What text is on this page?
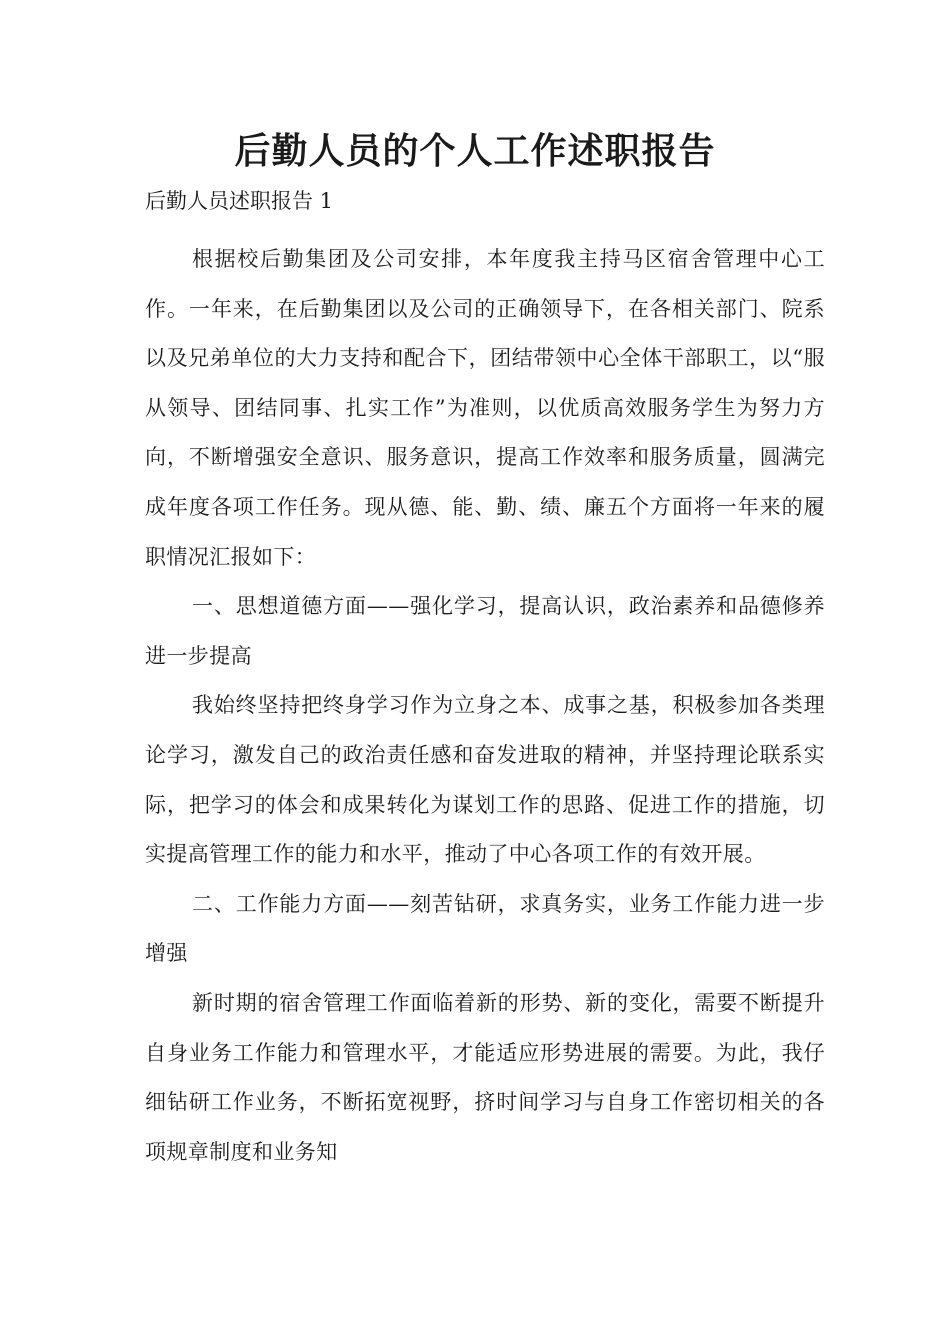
后勤人员的个人工作述职报告

后勤人员述职报告 1

根据校后勤集团及公司安排，本年度我主持马区宿舍管理中心工作。一年来，在后勤集团以及公司的正确领导下，在各相关部门、院系以及兄弟单位的大力支持和配合下，团结带领中心全体干部职工，以“服从领导、团结同事、扎实工作”为准则，以优质高效服务学生为努力方向，不断增强安全意识、服务意识，提高工作效率和服务质量，圆满完成年度各项工作任务。现从德、能、勤、绩、廉五个方面将一年来的履职情况汇报如下：

一、思想道德方面——强化学习，提高认识，政治素养和品德修养进一步提高

我始终坚持把终身学习作为立身之本、成事之基，积极参加各类理论学习，激发自己的政治责任感和奋发进取的精神，并坚持理论联系实际，把学习的体会和成果转化为谋划工作的思路、促进工作的措施，切实提高管理工作的能力和水平，推动了中心各项工作的有效开展。

二、工作能力方面——刻苦钻研，求真务实，业务工作能力进一步增强

新时期的宿舍管理工作面临着新的形势、新的变化，需要不断提升自身业务工作能力和管理水平，才能适应形势进展的需要。为此，我仔细钻研工作业务，不断拓宽视野，挤时间学习与自身工作密切相关的各项规章制度和业务知
